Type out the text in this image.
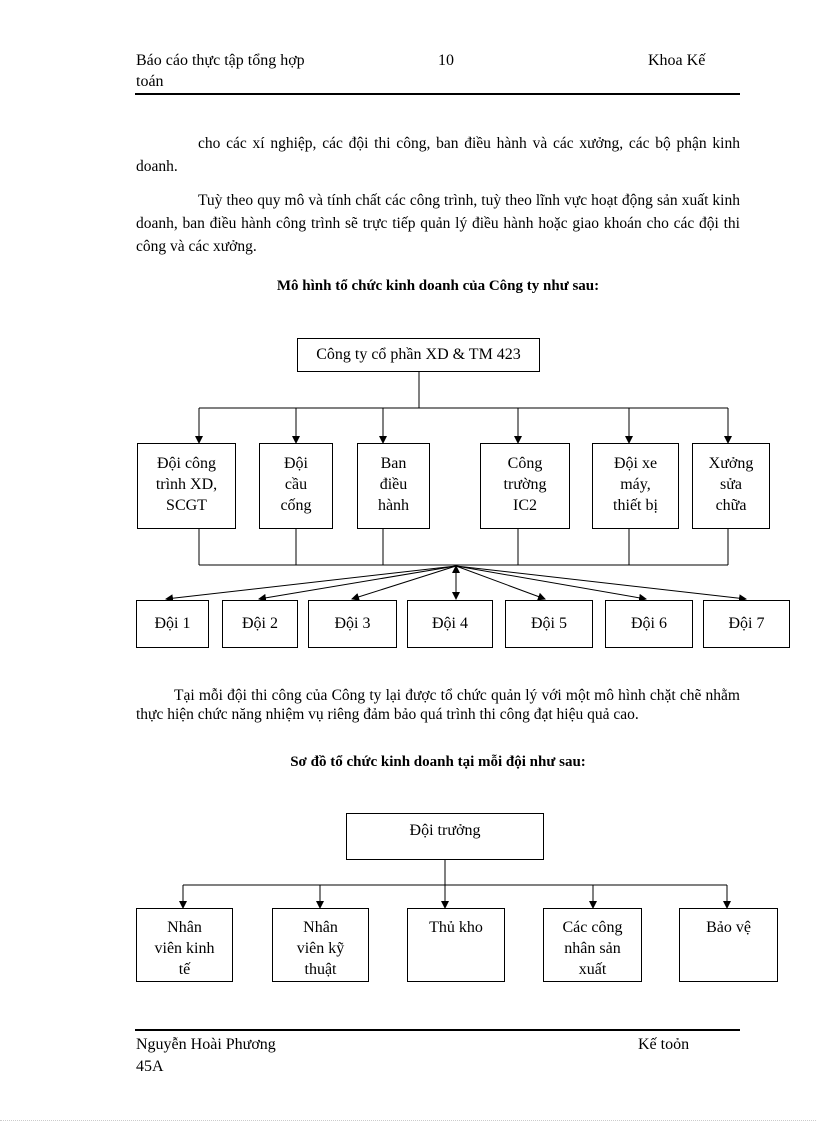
Báo cáo thực tập tổng hợp
toán
10	Khoa Kế

cho các xí nghiệp, các đội thi công, ban điều hành và các xưởng, các bộ phận kinh doanh.

Tuỳ theo quy mô và tính chất các công trình, tuỳ theo lĩnh vực hoạt động sản xuất kinh doanh, ban điều hành công trình sẽ trực tiếp quản lý điều hành hoặc giao khoán cho các đội thi công và các xưởng.

Mô hình tổ chức kinh doanh của Công ty như sau:
Công ty cổ phần XD & TM 423
Đội công
trình XD,
SCGT
Đội
cầu
cống
Ban
điều
hành
Công
trường
IC2
Đội xe
máy,
thiết bị
Xưởng
sửa
chữa
Đội 1	Đội 2	Đội 3	Đội 4	Đội 5	Đội 6	Đội 7

Tại mỗi đội thi công của Công ty lại được tổ chức quản lý với một mô hình chặt chẽ nhằm thực hiện chức năng nhiệm vụ riêng đảm bảo quá trình thi công đạt hiệu quả cao.

Sơ đồ tổ chức kinh doanh tại mỗi đội như sau:
Đội trưởng
Nhân
viên kinh
tế
Nhân
viên kỹ
thuật
Thủ kho	Các công
nhân sản
xuất
Bảo vệ
Nguyễn Hoài Phương
45A
Kế toỏn
